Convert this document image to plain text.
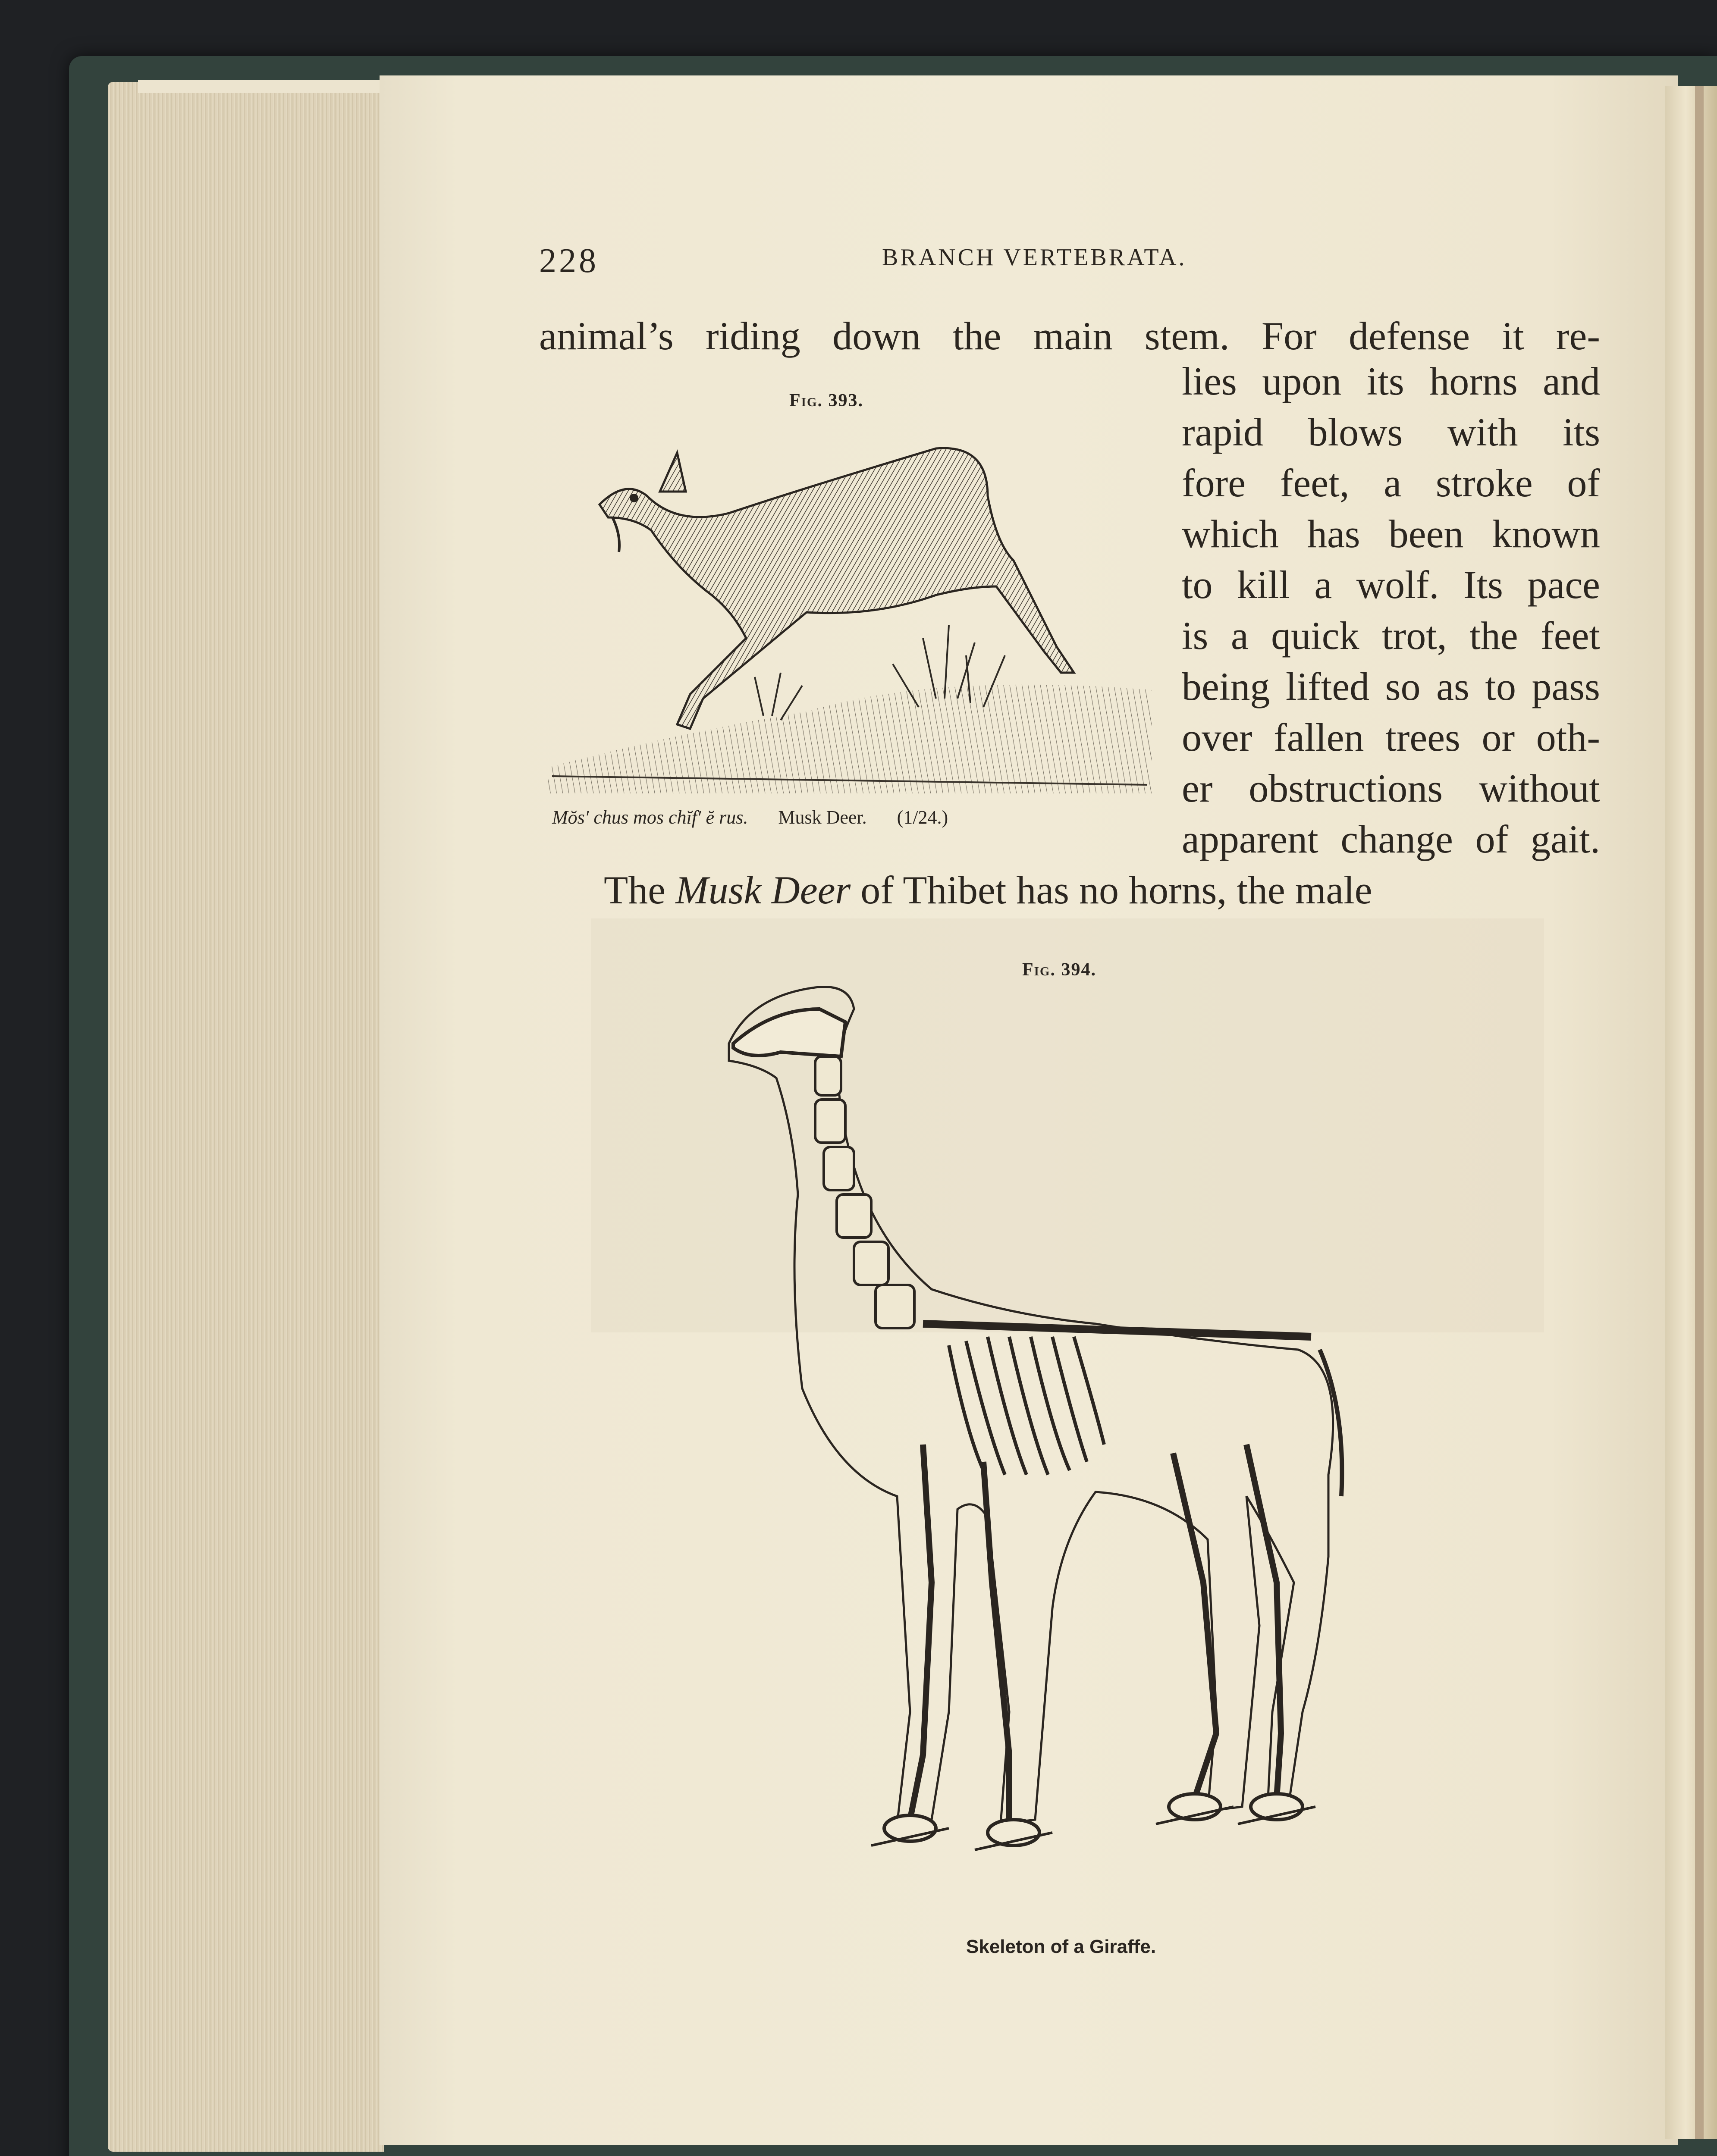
228	BRANCH VERTEBRATA.
animal’s riding down the main stem. For defense it re-
lies upon its horns and
rapid blows with its
fore feet, a stroke of
which has been known
to kill a wolf. Its pace
is a quick trot, the feet
being lifted so as to pass
over fallen trees or oth-
er obstructions without
apparent change of gait.
The Musk Deer of Thibet has no horns, the male
Fig. 393.
Mŏs′ chus mos chĭf′ ĕ rus. Musk Deer. (1/24.)
Fig. 394.
Skeleton of a Giraffe.
